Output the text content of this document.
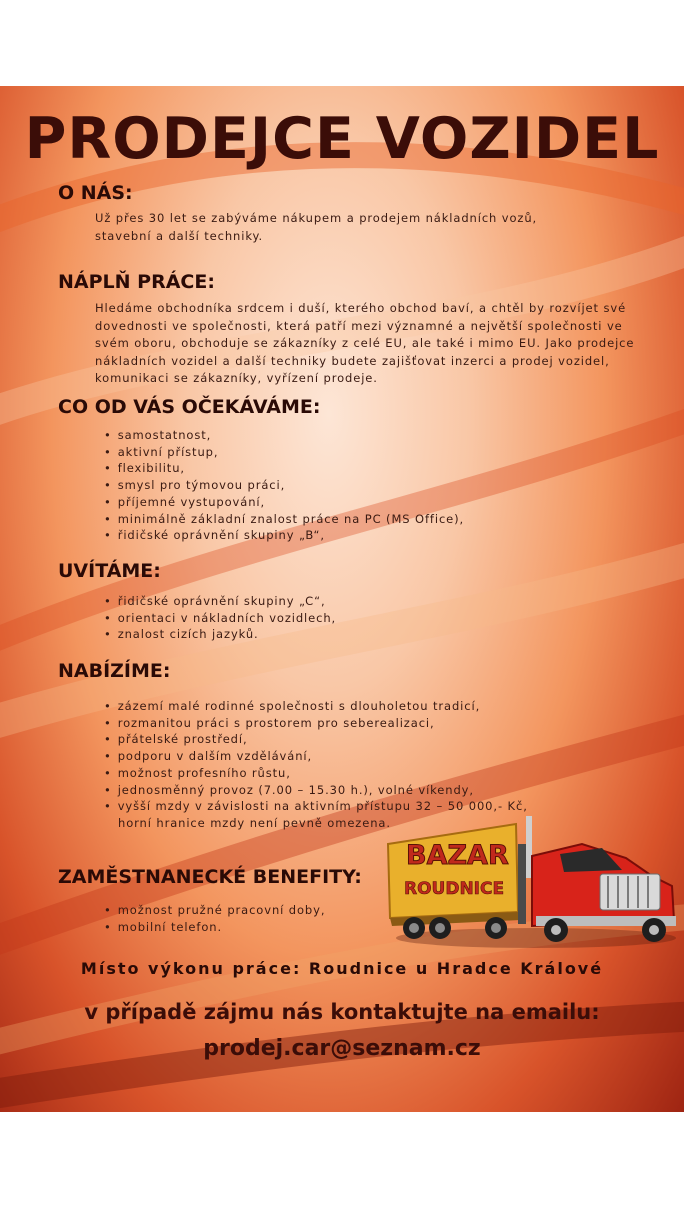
PRODEJCE VOZIDEL
O NÁS:
Už přes 30 let se zabýváme nákupem a prodejem nákladních vozů, stavební a další techniky.
NÁPLŇ PRÁCE:
Hledáme obchodníka srdcem i duší, kterého obchod baví, a chtěl by rozvíjet své dovednosti ve společnosti, která patří mezi významné a největší společnosti ve svém oboru, obchoduje se zákazníky z celé EU, ale také i mimo EU. Jako prodejce nákladních vozidel a další techniky budete zajišťovat inzerci a prodej vozidel, komunikaci se zákazníky, vyřízení prodeje.
CO OD VÁS OČEKÁVÁME:
• samostatnost,
• aktivní přístup,
• flexibilitu,
• smysl pro týmovou práci,
• příjemné vystupování,
• minimálně základní znalost práce na PC (MS Office),
• řidičské oprávnění skupiny „B“,
UVÍTÁME:
• řidičské oprávnění skupiny „C“,
• orientaci v nákladních vozidlech,
• znalost cizích jazyků.
NABÍZÍME:
• zázemí malé rodinné společnosti s dlouholetou tradicí,
• rozmanitou práci s prostorem pro seberealizaci,
• přátelské prostředí,
• podporu v dalším vzdělávání,
• možnost profesního růstu,
• jednosměnný provoz (7.00 – 15.30 h.), volné víkendy,
• vyšší mzdy v závislosti na aktivním přístupu 32 – 50 000,- Kč,
horní hranice mzdy není pevně omezena.
ZAMĚSTNANECKÉ BENEFITY:
• možnost pružné pracovní doby,
• mobilní telefon.
BAZAR
ROUDNICE
Místo výkonu práce: Roudnice u Hradce Králové
v případě zájmu nás kontaktujte na emailu:
prodej.car@seznam.cz
